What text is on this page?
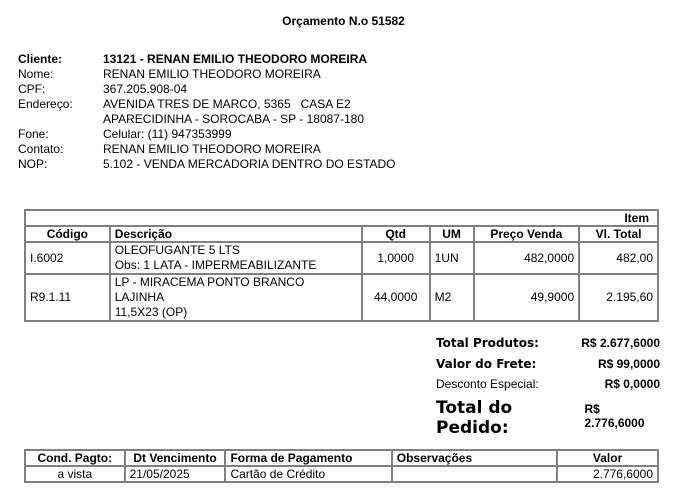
Orçamento N.o 51582
Cliente:	13121 - RENAN EMILIO THEODORO MOREIRA
Nome:	RENAN EMILIO THEODORO MOREIRA
CPF:	367.205.908-04
Endereço:	AVENIDA TRES DE MARCO, 5365   CASA E2
APARECIDINHA - SOROCABA - SP - 18087-180
Fone:	Celular: (11) 947353999
Contato:	RENAN EMILIO THEODORO MOREIRA
NOP:	5.102 - VENDA MERCADORIA DENTRO DO ESTADO
Item					
Código	Descrição	Qtd	UM	Preço Venda	Vl. Total
I.6002	OLEOFUGANTE 5 LTS
Obs: 1 LATA - IMPERMEABILIZANTE	1,0000	1UN	482,0000	482,00
R9.1.11	LP - MIRACEMA PONTO BRANCO LAJINHA
11,5X23 (OP)	44,0000	M2	49,9000	2.195,60
Total Produtos:	R$ 2.677,6000
Valor do Frete:	R$ 99,0000
Desconto Especial:	R$ 0,0000
Total do Pedido:
R$ 2.776,6000
Cond. Pagto:	Dt Vencimento	Forma de Pagamento	Observações	Valor
a vista	21/05/2025	Cartão de Crédito		2.776,6000
